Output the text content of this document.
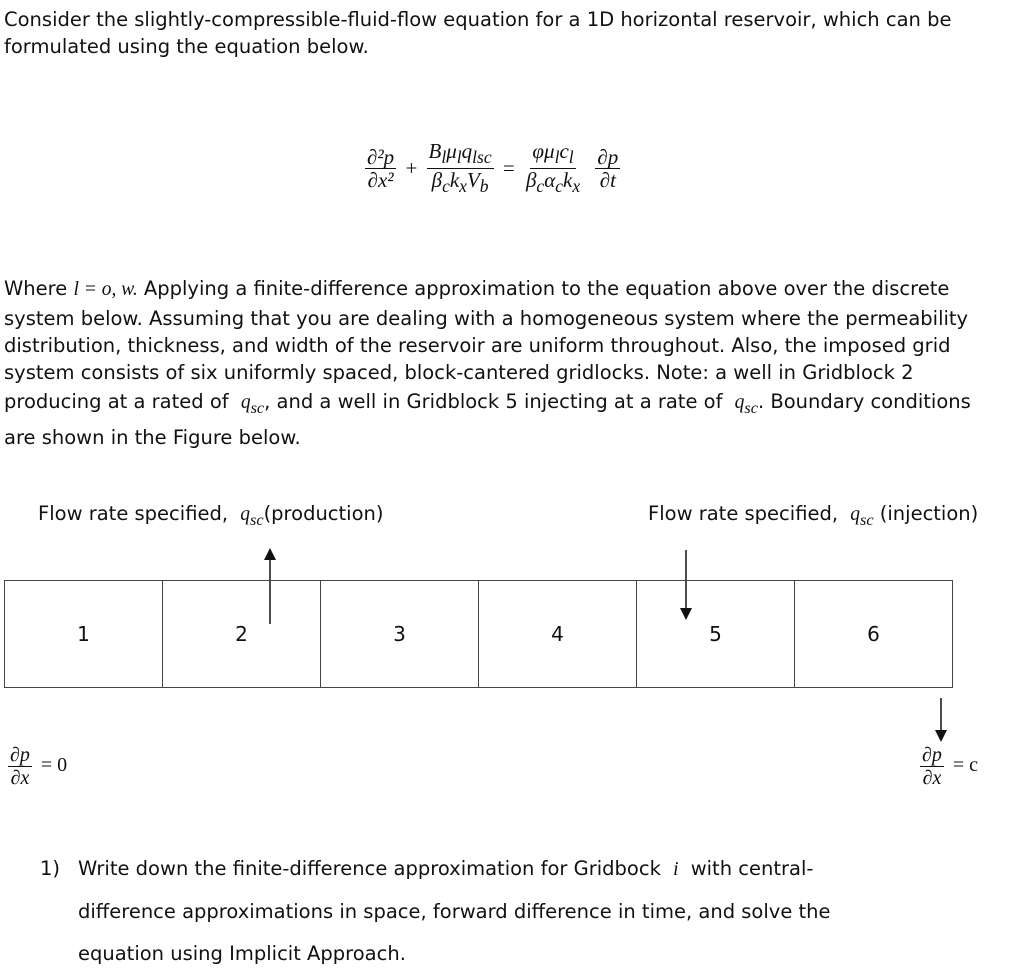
Consider the slightly-compressible-fluid-flow equation for a 1D horizontal reservoir, which can be

formulated using the equation below.

$\frac{\text{∂²p}}{\text{∂x²}} + \frac{B_l\mu_lq_{lsc}}{\beta_ck_xV_b} = \frac{\varphi\mu_lc_l}{\beta_c\alpha_ck_x}$
$\frac{\partial p}{\partial t}$

Where l = o, w. Applying a finite-difference approximation to the equation above over the discrete

system below. Assuming that you are dealing with a homogeneous system where the permeability

distribution, thickness, and width of the reservoir are uniform throughout. Also, the imposed grid

system consists of six uniformly spaced, block-cantered gridlocks. Note: a well in Gridblock 2

producing at a rated of $q_{sc}$, and a well in Gridblock 5 injecting at a rate of $q_{sc}$. Boundary conditions

are shown in the Figure below.

Flow rate specified, $q_{sc}(production)$	Flow rate specified, $q_{sc}$ (injection)
1	2	3	4	5	6
$\frac{\partial p}{\partial x} = 0$	$\frac{\partial p}{\partial x} = c$
1) Write down the finite-difference approximation for Gridbock i with central-
difference approximations in space, forward difference in time, and solve the
equation using Implicit Approach.
